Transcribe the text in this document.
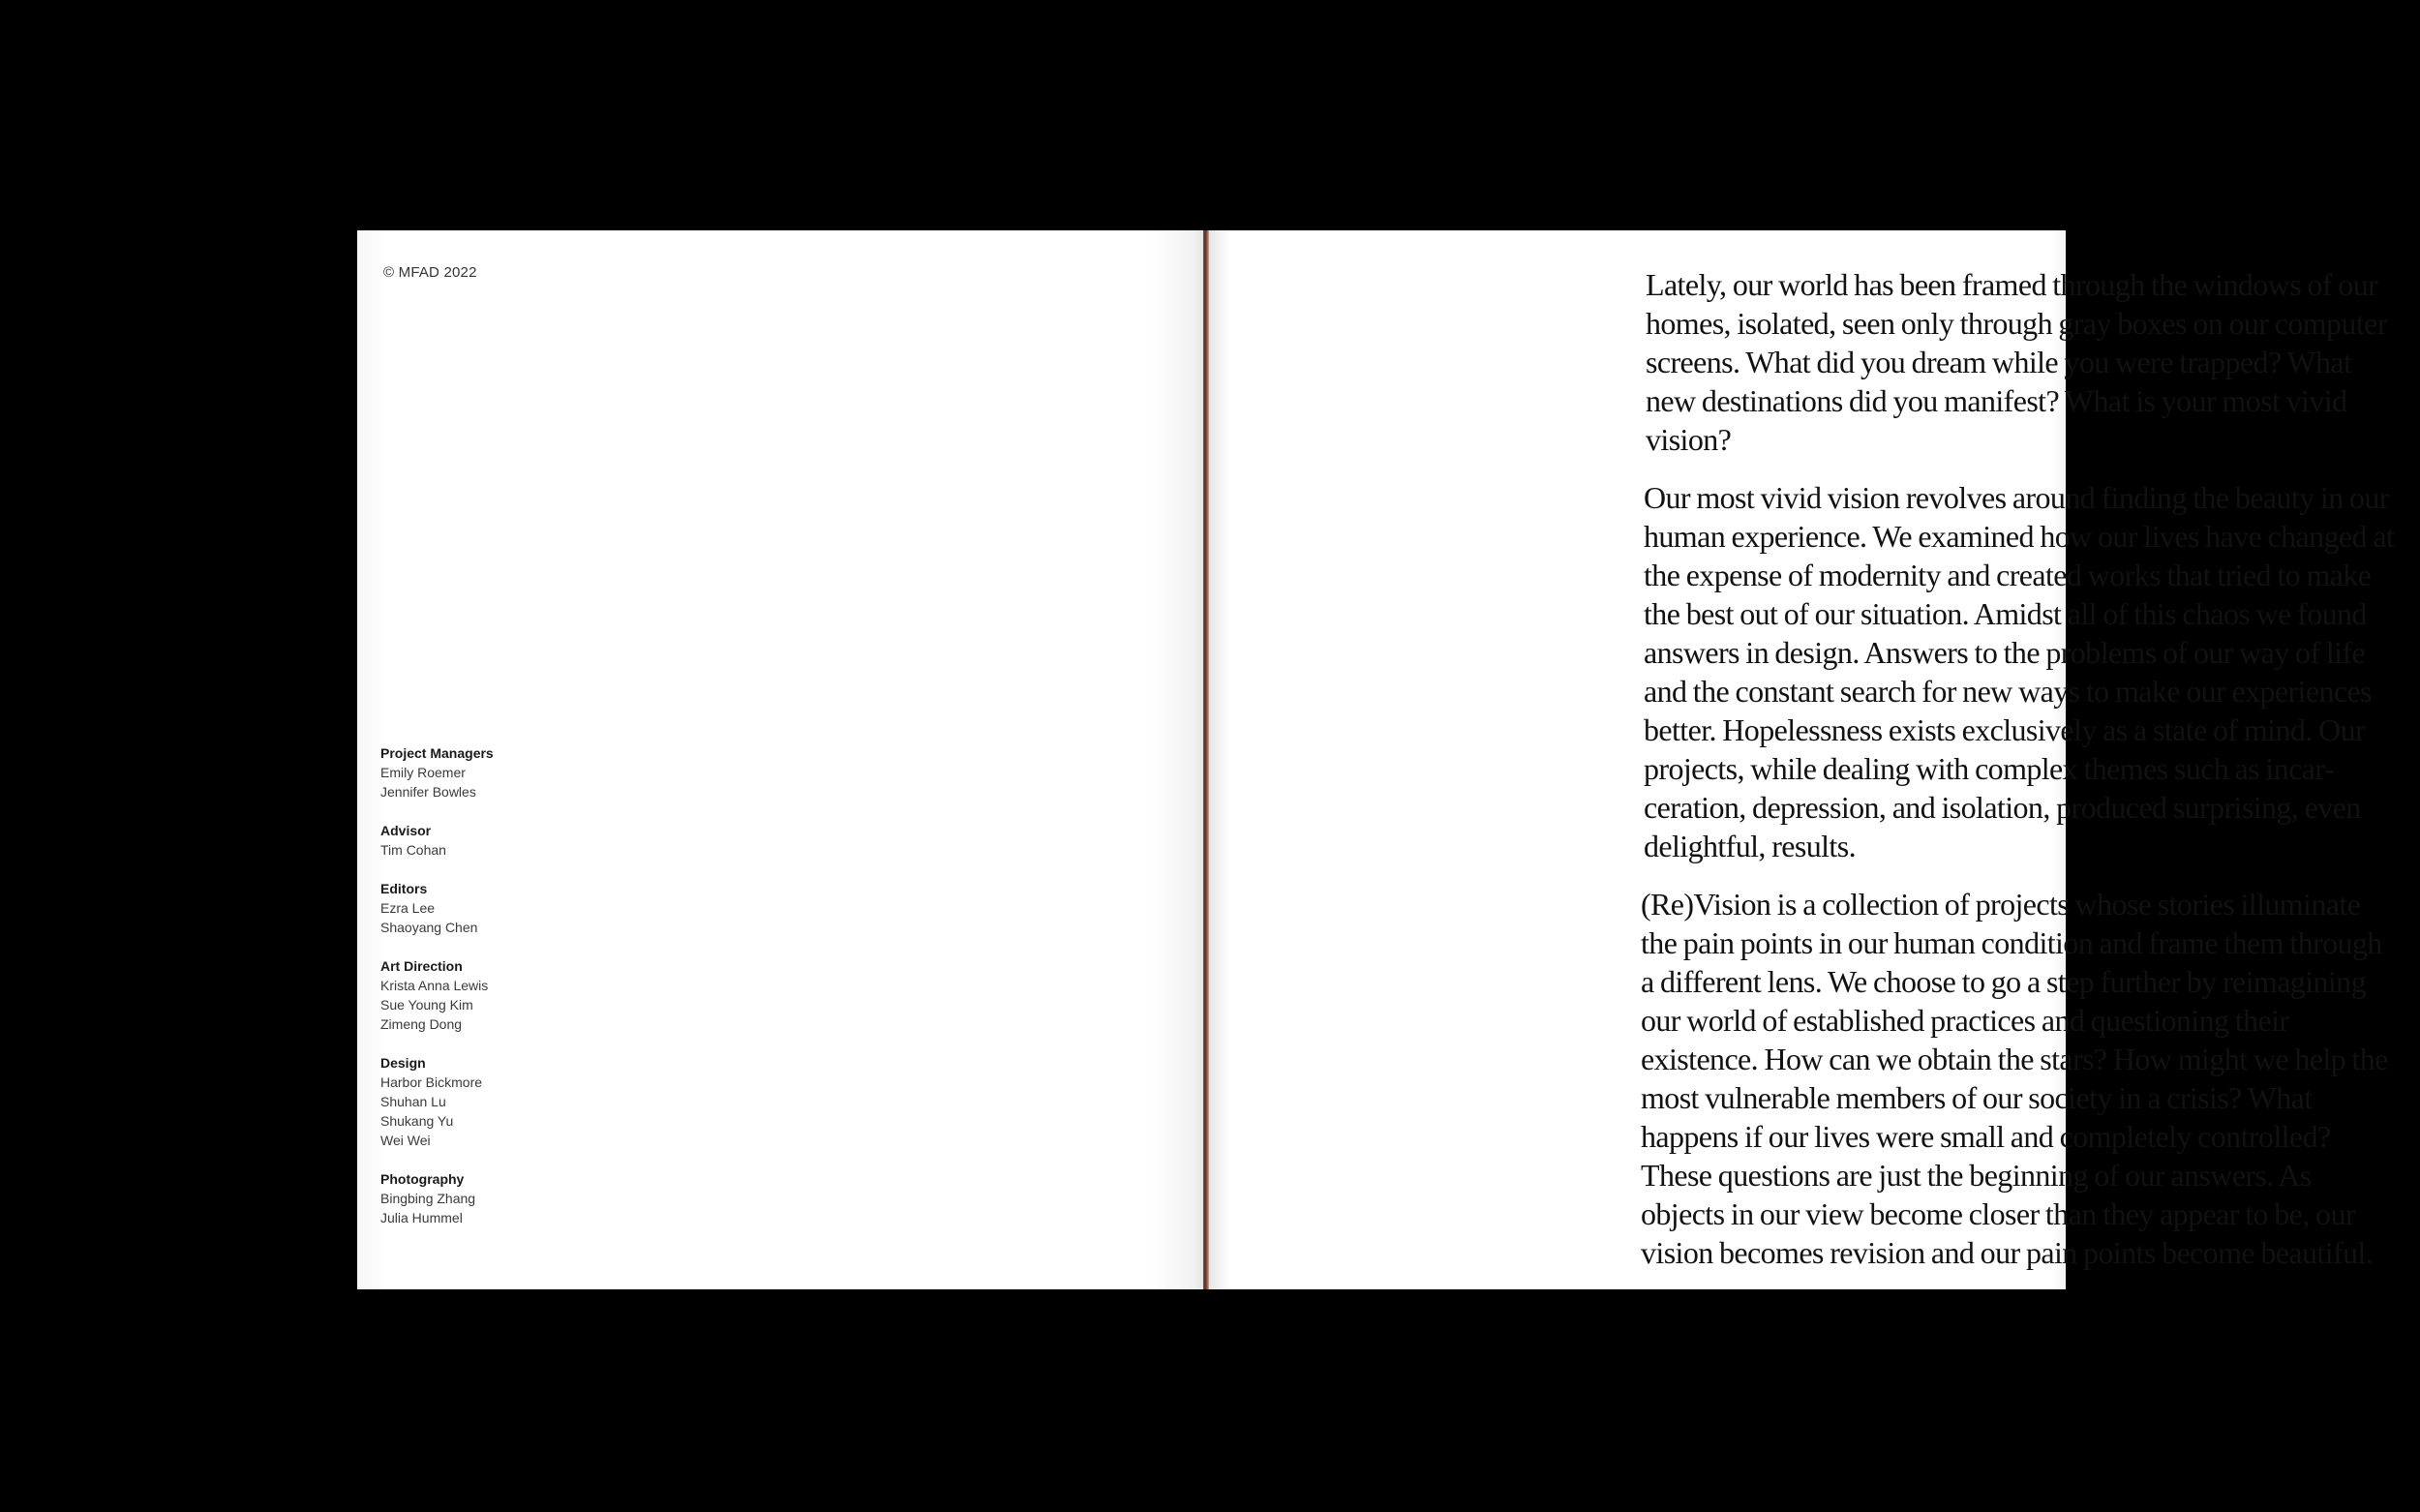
© MFAD 2022
Project Managers
Emily Roemer
Jennifer Bowles
Advisor
Tim Cohan
Editors
Ezra Lee
Shaoyang Chen
Art Direction
Krista Anna Lewis
Sue Young Kim
Zimeng Dong
Design
Harbor Bickmore
Shuhan Lu
Shukang Yu
Wei Wei
Photography
Bingbing Zhang
Julia Hummel

Lately, our world has been framed through the windows of our homes, isolated, seen only through gray boxes on our computer screens. What did you dream while you were trapped? What new destinations did you manifest? What is your most vivid vision?

Our most vivid vision revolves around finding the beauty in our human experience. We examined how our lives have changed at the expense of modernity and created works that tried to make the best out of our situation. Amidst all of this chaos we found answers in design. Answers to the problems of our way of life and the constant search for new ways to make our experiences better. Hopelessness exists exclusively as a state of mind. Our projects, while dealing with complex themes such as incarceration, depression, and isolation, produced surprising, even delightful, results.

(Re)Vision is a collection of projects whose stories illuminate the pain points in our human condition and frame them through a different lens. We choose to go a step further by reimagining our world of established practices and questioning their existence. How can we obtain the stars? How might we help the most vulnerable members of our society in a crisis? What happens if our lives were small and completely controlled? These questions are just the beginning of our answers. As objects in our view become closer than they appear to be, our vision becomes revision and our pain points become beautiful.
